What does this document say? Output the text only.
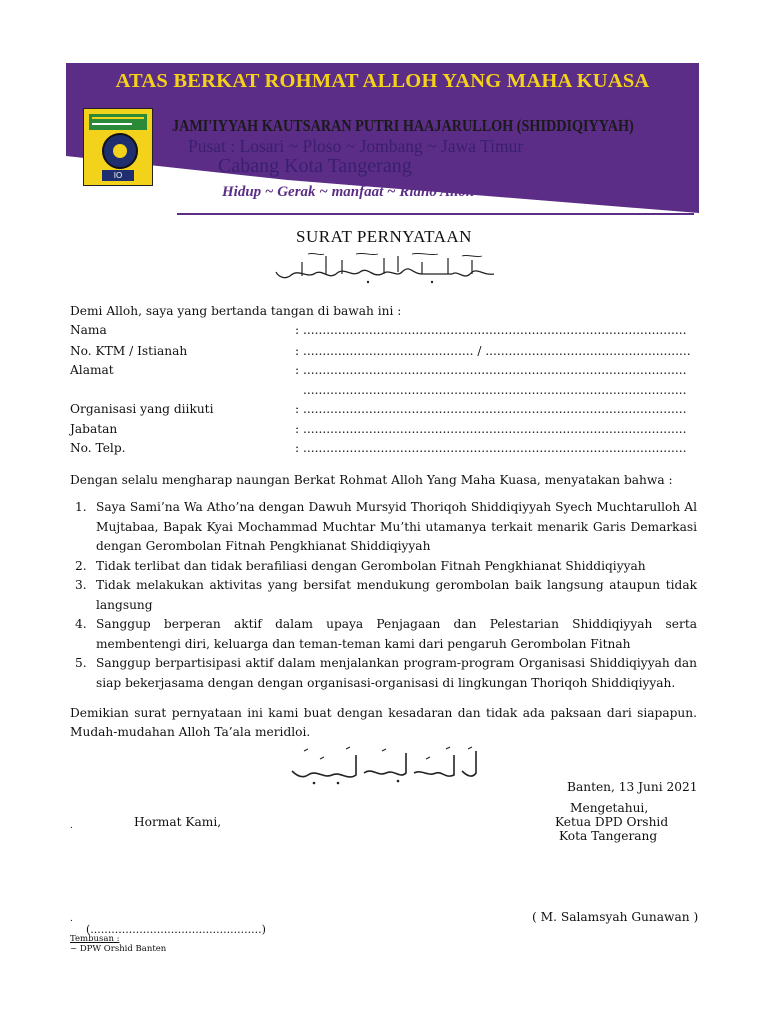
ATAS BERKAT ROHMAT ALLOH YANG MAHA KUASA
IO
JAMI'IYYAH KAUTSARAN PUTRI HAAJARULLOH (SHIDDIQIYYAH)
Pusat : Losari ~ Ploso ~ Jombang ~ Jawa Timur
Cabang Kota Tangerang
Hidup ~ Gerak ~ manfaat ~ Ridho Alloh
SURAT PERNYATAAN
Demi Alloh, saya yang bertanda tangan di bawah ini :
Nama	: ...................................................................................................
No. KTM / Istianah	: ............................................ / .....................................................
Alamat	: ...................................................................................................
...................................................................................................
Organisasi yang diikuti	: ...................................................................................................
Jabatan	: ...................................................................................................
No. Telp.	: ...................................................................................................
Dengan selalu mengharap naungan Berkat Rohmat Alloh Yang Maha Kuasa, menyatakan bahwa :
1. Saya Sami’na Wa Atho’na dengan Dawuh Mursyid Thoriqoh Shiddiqiyyah Syech Muchtarulloh Al Mujtabaa, Bapak Kyai Mochammad Muchtar Mu’thi utamanya terkait menarik Garis Demarkasi dengan Gerombolan Fitnah Pengkhianat Shiddiqiyyah
2. Tidak terlibat dan tidak berafiliasi dengan Gerombolan Fitnah Pengkhianat Shiddiqiyyah
3. Tidak melakukan aktivitas yang bersifat mendukung gerombolan baik langsung ataupun tidak langsung
4. Sanggup berperan aktif dalam upaya Penjagaan dan Pelestarian Shiddiqiyyah serta membentengi diri, keluarga dan teman-teman kami dari pengaruh Gerombolan Fitnah
5. Sanggup berpartisipasi aktif dalam menjalankan program-program Organisasi Shiddiqiyyah dan siap bekerjasama dengan dengan organisasi-organisasi di lingkungan Thoriqoh Shiddiqiyyah.
Demikian surat pernyataan ini kami buat dengan kesadaran dan tidak ada paksaan dari siapapun. Mudah-mudahan Alloh Ta’ala meridloi.
Banten, 13 Juni 2021
Mengetahui,
Ketua DPD Orshid
Kota Tangerang
.	Hormat Kami,
( M. Salamsyah Gunawan )
.
(.................................................)
Tembusan :
~ DPW Orshid Banten
